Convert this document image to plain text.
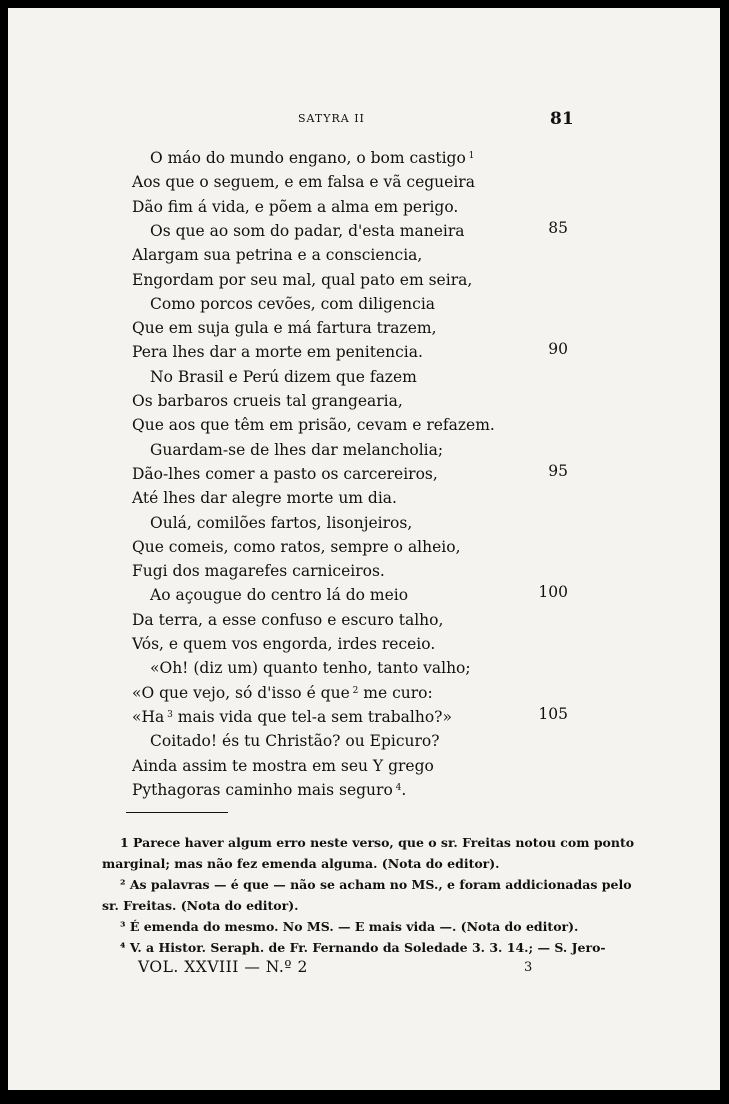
SATYRA II	81
O máo do mundo engano, o bom castigo $^1$
Aos que o seguem, e em falsa e vã cegueira
Dão fim á vida, e põem a alma em perigo.
Os que ao som do padar, d'esta maneira	85
Alargam sua petrina e a consciencia,
Engordam por seu mal, qual pato em seira,
Como porcos cevões, com diligencia
Que em suja gula e má fartura trazem,
Pera lhes dar a morte em penitencia.	90
No Brasil e Perú dizem que fazem
Os barbaros crueis tal grangearia,
Que aos que têm em prisão, cevam e refazem.
Guardam-se de lhes dar melancholia;
Dão-lhes comer a pasto os carcereiros,	95
Até lhes dar alegre morte um dia.
Oulá, comilões fartos, lisonjeiros,
Que comeis, como ratos, sempre o alheio,
Fugi dos magarefes carniceiros.
Ao açougue do centro lá do meio	100
Da terra, a esse confuso e escuro talho,
Vós, e quem vos engorda, irdes receio.
«Oh! (diz um) quanto tenho, tanto valho;
«O que vejo, só d'isso é que $^2$ me curo:
«Ha $^3$ mais vida que tel-a sem trabalho?»	105
Coitado! és tu Christão? ou Epicuro?
Ainda assim te mostra em seu Y grego
Pythagoras caminho mais seguro $^4$.
1 Parece haver algum erro neste verso, que o sr. Freitas notou com ponto
marginal; mas não fez emenda alguma. (Nota do editor).
² As palavras — é que — não se acham no MS., e foram addicionadas pelo
sr. Freitas. (Nota do editor).
³ É emenda do mesmo. No MS. — E mais vida —. (Nota do editor).
⁴ V. a Histor. Seraph. de Fr. Fernando da Soledade 3. 3. 14.; — S. Jero-
VOL. XXVIII — N.º 2	3
